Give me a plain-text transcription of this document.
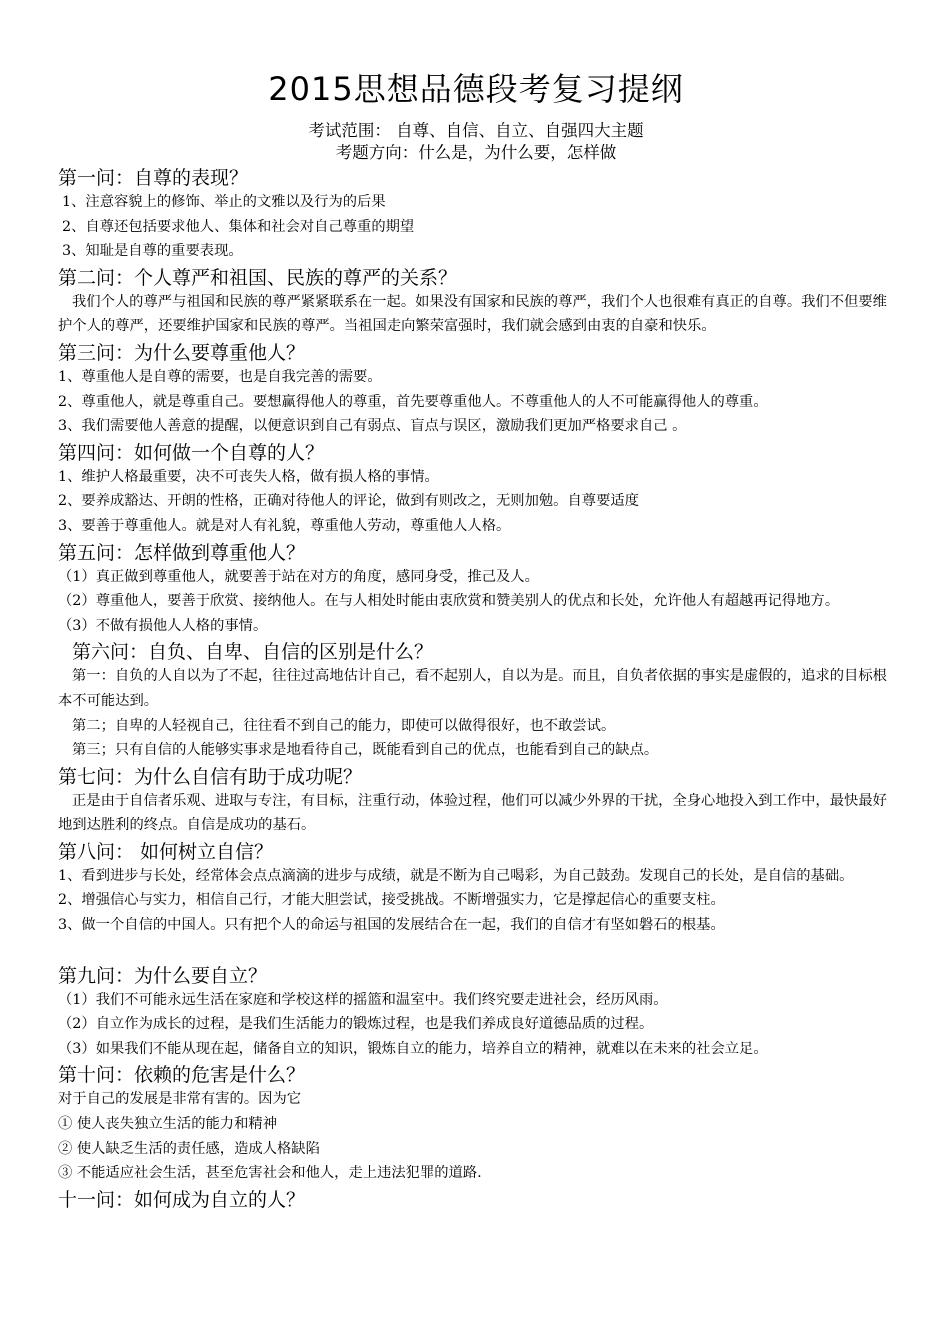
2015思想品德段考复习提纲
考试范围： 自尊、自信、自立、自强四大主题
考题方向：什么是，为什么要，怎样做
第一问：自尊的表现？

1、注意容貌上的修饰、举止的文雅以及行为的后果

2、自尊还包括要求他人、集体和社会对自己尊重的期望

3、知耻是自尊的重要表现。

第二问：个人尊严和祖国、民族的尊严的关系？

我们个人的尊严与祖国和民族的尊严紧紧联系在一起。如果没有国家和民族的尊严，我们个人也很难有真正的自尊。我们不但要维护个人的尊严，还要维护国家和民族的尊严。当祖国走向繁荣富强时，我们就会感到由衷的自豪和快乐。

第三问：为什么要尊重他人？

1、尊重他人是自尊的需要，也是自我完善的需要。

2、尊重他人，就是尊重自己。要想赢得他人的尊重，首先要尊重他人。不尊重他人的人不可能赢得他人的尊重。

3、我们需要他人善意的提醒，以便意识到自己有弱点、盲点与误区，激励我们更加严格要求自己 。

第四问：如何做一个自尊的人？

1、维护人格最重要，决不可丧失人格，做有损人格的事情。

2、要养成豁达、开朗的性格，正确对待他人的评论，做到有则改之，无则加勉。自尊要适度

3、要善于尊重他人。就是对人有礼貌，尊重他人劳动，尊重他人人格。

第五问：怎样做到尊重他人？

（1）真正做到尊重他人，就要善于站在对方的角度，感同身受，推己及人。

（2）尊重他人，要善于欣赏、接纳他人。在与人相处时能由衷欣赏和赞美别人的优点和长处，允许他人有超越再记得地方。

（3）不做有损他人人格的事情。

第六问：自负、自卑、自信的区别是什么？

第一：自负的人自以为了不起，往往过高地估计自己，看不起别人，自以为是。而且，自负者依据的事实是虚假的，追求的目标根本不可能达到。

第二；自卑的人轻视自己，往往看不到自己的能力，即使可以做得很好，也不敢尝试。

第三；只有自信的人能够实事求是地看待自己，既能看到自己的优点，也能看到自己的缺点。

第七问：为什么自信有助于成功呢？

正是由于自信者乐观、进取与专注，有目标，注重行动，体验过程，他们可以减少外界的干扰，全身心地投入到工作中，最快最好地到达胜利的终点。自信是成功的基石。

第八问： 如何树立自信？

1、看到进步与长处，经常体会点点滴滴的进步与成绩，就是不断为自己喝彩，为自己鼓劲。发现自己的长处，是自信的基础。

2、增强信心与实力，相信自己行，才能大胆尝试，接受挑战。不断增强实力，它是撑起信心的重要支柱。

3、做一个自信的中国人。只有把个人的命运与祖国的发展结合在一起，我们的自信才有坚如磐石的根基。

第九问：为什么要自立？

（1）我们不可能永远生活在家庭和学校这样的摇篮和温室中。我们终究要走进社会，经历风雨。

（2）自立作为成长的过程，是我们生活能力的锻炼过程，也是我们养成良好道德品质的过程。

（3）如果我们不能从现在起，储备自立的知识，锻炼自立的能力，培养自立的精神，就难以在未来的社会立足。

第十问：依赖的危害是什么？

对于自己的发展是非常有害的。因为它

① 使人丧失独立生活的能力和精神

② 使人缺乏生活的责任感，造成人格缺陷

③ 不能适应社会生活，甚至危害社会和他人，走上违法犯罪的道路.

十一问：如何成为自立的人？
